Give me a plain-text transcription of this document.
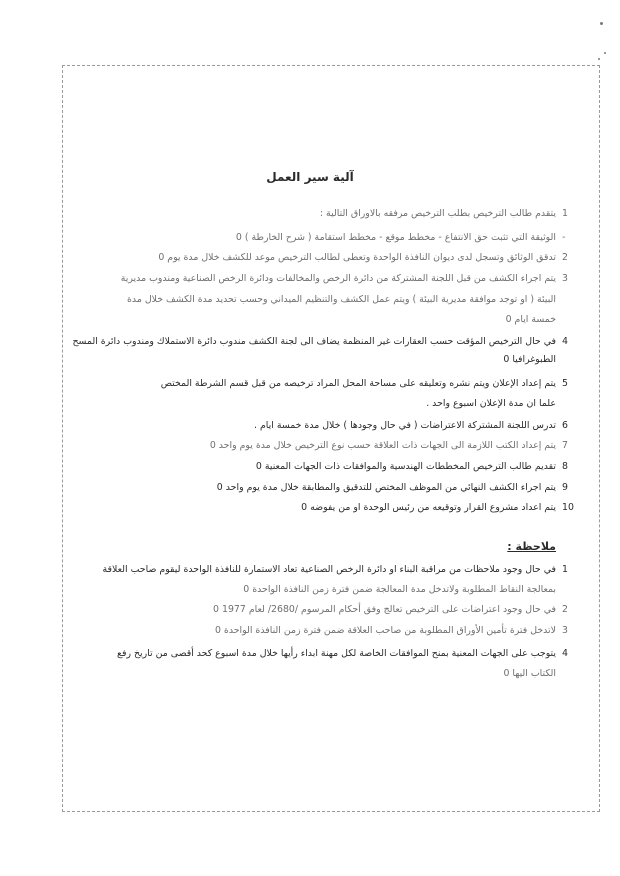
آلية سير العمل
1يتقدم طالب الترخيص بطلب الترخيص مرفقه بالاوراق التالية :
-الوثيقة التي تثبت حق الانتفاع - مخطط موقع - مخطط استقامة ( شرح الخارطة ) 0
2تدقق الوثائق وتسجل لدى ديوان النافذة الواحدة وتعطى لطالب الترخيص موعد للكشف خلال مدة يوم 0
3يتم اجراء الكشف من قبل اللجنة المشتركة من دائرة الرخص والمخالفات ودائرة الرخص الصناعية ومندوب مديرية
البيئة ( او توجد موافقة مديرية البيئة ) ويتم عمل الكشف والتنظيم الميداني وحسب تحديد مدة الكشف خلال مدة
خمسة ايام 0
4في حال الترخيص المؤقت حسب العقارات غير المنظمة يضاف الى لجنة الكشف مندوب دائرة الاستملاك ومندوب دائرة المسح
الطبوغرافيا 0
5يتم إعداد الإعلان ويتم نشره وتعليقه على مساحة المحل المراد ترخيصه من قبل قسم الشرطة المختص
علما ان مدة الإعلان اسبوع واحد .
6تدرس اللجنة المشتركة الاعتراضات ( في حال وجودها ) خلال مدة خمسة ايام .
7يتم إعداد الكتب اللازمة الى الجهات ذات العلاقة حسب نوع الترخيص خلال مدة يوم واحد 0
8تقديم طالب الترخيص المخططات الهندسية والموافقات ذات الجهات المعنية 0
9يتم اجراء الكشف النهائي من الموظف المختص للتدقيق والمطابقة خلال مدة يوم واحد 0
10يتم اعداد مشروع القرار وتوقيعه من رئيس الوحدة او من يفوضه 0
ملاحظة :
1في حال وجود ملاحظات من مراقبة البناء او دائرة الرخص الصناعية تعاد الاستمارة للنافذة الواحدة ليقوم صاحب العلاقة
بمعالجة النقاط المطلوبة ولاتدخل مدة المعالجة ضمن فترة زمن النافذة الواحدة 0
2في حال وجود اعتراضات على الترخيص تعالج وفق أحكام المرسوم /2680/ لعام 1977 0
3لاتدخل فترة تأمين الأوراق المطلوبة من صاحب العلاقة ضمن فترة زمن النافذة الواحدة 0
4يتوجب على الجهات المعنية بمنح الموافقات الخاصة لكل مهنة ابداء رأيها خلال مدة اسبوع كحد أقصى من تاريخ رفع
الكتاب اليها 0
